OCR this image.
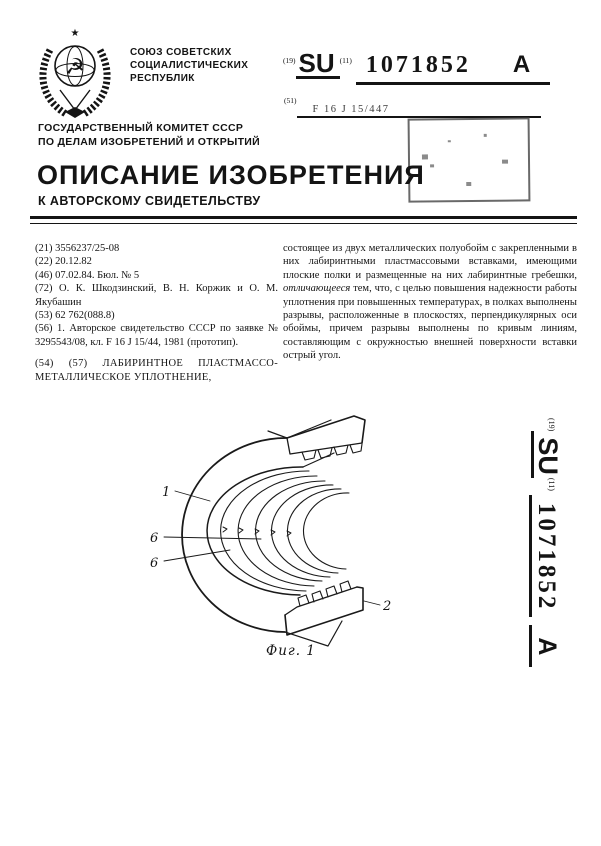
★
☭
СОЮЗ СОВЕТСКИХ
СОЦИАЛИСТИЧЕСКИХ
РЕСПУБЛИК
$^{(19)}$ SU $^{(11)}$ 1071852 A
$^{(51)}$F 16 J 15/447
ГОСУДАРСТВЕННЫЙ КОМИТЕТ СССР
ПО ДЕЛАМ ИЗОБРЕТЕНИЙ И ОТКРЫТИЙ
ОПИСАНИЕ ИЗОБРЕТЕНИЯ
К АВТОРСКОМУ СВИДЕТЕЛЬСТВУ
(21) 3556237/25-08
(22) 20.12.82
(46) 07.02.84. Бюл. № 5
(72) О. К. Шкодзинский, В. Н. Коржик и О. М. Якубашин
(53) 62 762(088.8)
(56) 1. Авторское свидетельство СССР по заявке № 3295543/08, кл. F 16 J 15/44, 1981 (прототип).

(54) (57) ЛАБИРИНТНОЕ ПЛАСТМАССО-МЕТАЛЛИЧЕСКОЕ УПЛОТНЕНИЕ,

состоящее из двух металлических полуобойм с закрепленными в них лабиринтными пластмассовыми вставками, имеющими плоские полки и размещенные на них лабиринтные гребешки, отличающееся тем, что, с целью повышения надежности работы уплотнения при повышенных температурах, в полках выполнены разрывы, расположенные в плоскостях, перпендикулярных оси обоймы, причем разрывы выполнены по кривым линиям, составляющим с окружностью внешней поверхности вставки острый угол.

1
6
6
2
Фиг. 1
$^{(19)}$SU$^{(11)}$1071852A
